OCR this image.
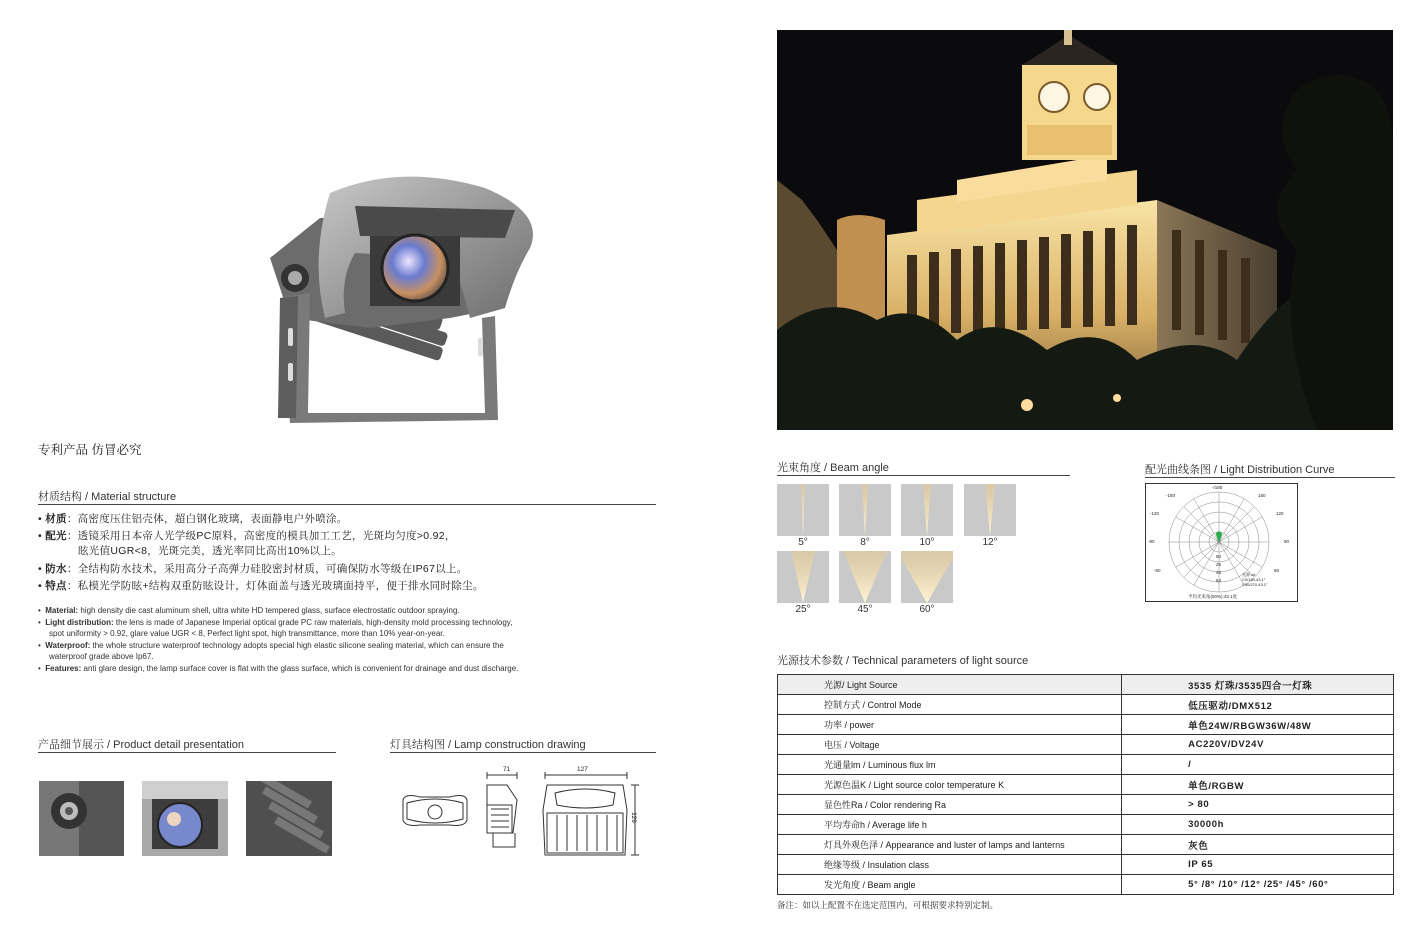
专利产品 仿冒必究
材质结构 / Material structure
• 材质：高密度压住铝壳体，超白钢化玻璃，表面静电户外喷涂。
• 配光：透镜采用日本帝人光学级PC原料，高密度的模具加工工艺，光斑均匀度>0.92，
眩光值UGR<8，光斑完美，透光率同比高出10%以上。
• 防水：全结构防水技术，采用高分子高弹力硅胶密封材质，可确保防水等级在IP67以上。
• 特点：私模光学防眩+结构双重防眩设计，灯体面盖与透光玻璃面持平，便于排水同时除尘。
•  Material: high density die cast aluminum shell, ultra white HD tempered glass, surface electrostatic outdoor spraying.
•  Light distribution: the lens is made of Japanese Imperial optical grade PC raw materials, high-density mold processing technology,
spot uniformity > 0.92, glare value UGR < 8, Perfect light spot, high transmittance, more than 10% year-on-year.
•  Waterproof: the whole structure waterproof technology adopts special high elastic silicone sealing material, which can ensure the
waterproof grade above Ip67.
•  Features: anti glare design, the lamp surface cover is flat with the glass surface, which is convenient for drainage and dust discharge.
产品细节展示 / Product detail presentation	灯具结构图 / Lamp construction drawing
71	127
129
光束角度 / Beam angle
5°	8°	10°	12°
25°	45°	60°
配光曲线条图 / Light Distribution Curve
-/180
-150	150
-120	120
-90	90
-60	60
50
25
48
64
光源 cd
C0/180,43.1°
C90/270,43.1°
平均光束角(50%):43.1度
光源技术参数 / Technical parameters of light source
光源/ Light Source	3535 灯珠/3535四合一灯珠
控制方式 / Control Mode	低压驱动/DMX512
功率 / power	单色24W/RBGW36W/48W
电压 / Voltage	AC220V/DV24V
光通量lm / Luminous flux lm	/
光源色温K / Light source color temperature K	单色/RGBW
显色性Ra / Color rendering Ra	> 80
平均寿命h / Average life h	30000h
灯具外观色泽 / Appearance and luster of lamps and lanterns	灰色
绝缘等级 / Insulation class	IP 65
发光角度 / Beam angle	5° /8° /10° /12° /25° /45° /60°
备注：如以上配置不在选定范围内，可根据要求特别定制。
